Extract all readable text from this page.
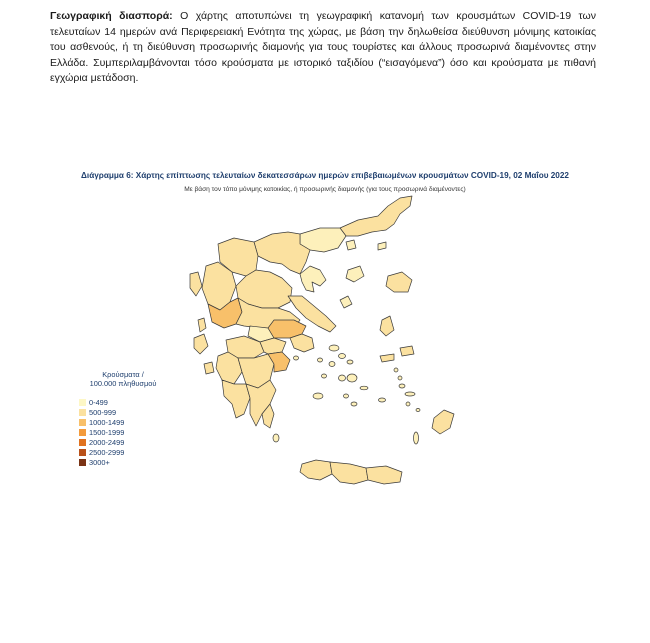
Γεωγραφική διασπορά: Ο χάρτης αποτυπώνει τη γεωγραφική κατανομή των κρουσμάτων COVID-19 των τελευταίων 14 ημερών ανά Περιφερειακή Ενότητα της χώρας, με βάση την δηλωθείσα διεύθυνση μόνιμης κατοικίας του ασθενούς, ή τη διεύθυνση προσωρινής διαμονής για τους τουρίστες και άλλους προσωρινά διαμένοντες στην Ελλάδα. Συμπεριλαμβάνονται τόσο κρούσματα με ιστορικό ταξιδίου (“εισαγόμενα”) όσο και κρούσματα με πιθανή εγχώρια μετάδοση.

Διάγραμμα 6: Χάρτης επίπτωσης τελευταίων δεκατεσσάρων ημερών επιβεβαιωμένων κρουσμάτων COVID-19, 02 Μαΐου 2022
Με βάση τον τόπο μόνιμης κατοικίας, ή προσωρινής διαμονής (για τους προσωρινά διαμένοντες)
Κρούσματα /
100.000 πληθυσμού
0-499
500-999
1000-1499
1500-1999
2000-2499
2500-2999
3000+
